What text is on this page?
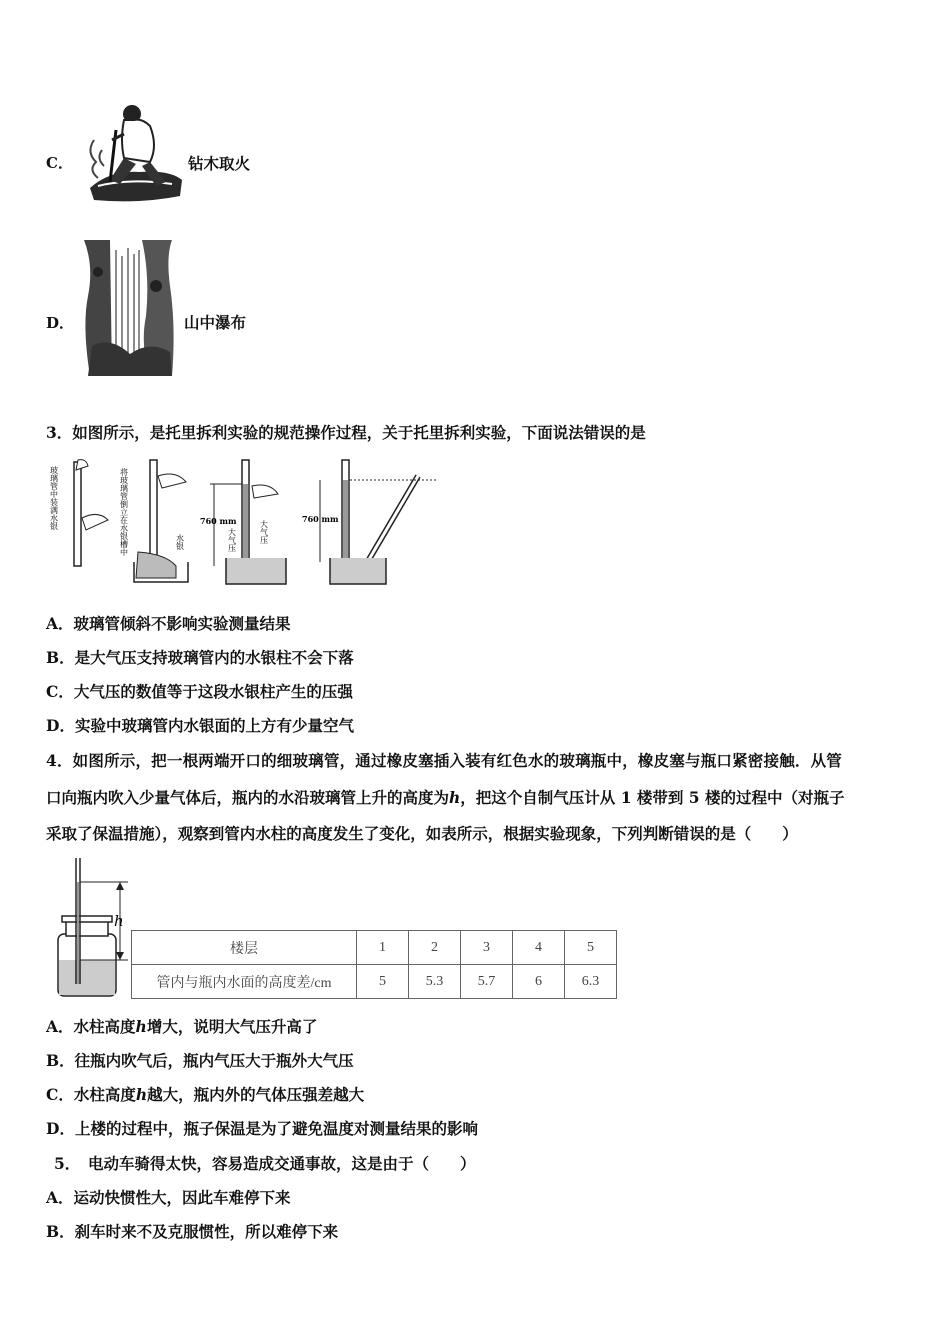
C．	钻木取火
D．	山中瀑布
3．如图所示，是托里拆利实验的规范操作过程，关于托里拆利实验，下面说法错误的是
玻璃管中装满水银	将玻璃管倒立在水银槽中	水银
760 mm
大气压	大气压
760 mm
A．玻璃管倾斜不影响实验测量结果
B．是大气压支持玻璃管内的水银柱不会下落
C．大气压的数值等于这段水银柱产生的压强
D．实验中玻璃管内水银面的上方有少量空气
4．如图所示，把一根两端开口的细玻璃管，通过橡皮塞插入装有红色水的玻璃瓶中，橡皮塞与瓶口紧密接触．从管
口向瓶内吹入少量气体后，瓶内的水沿玻璃管上升的高度为h，把这个自制气压计从 1 楼带到 5 楼的过程中（对瓶子
采取了保温措施），观察到管内水柱的高度发生了变化，如表所示，根据实验现象，下列判断错误的是（　　）
h
楼层	1	2	3	4	5
管内与瓶内水面的高度差/cm	5	5.3	5.7	6	6.3
A．水柱高度h增大，说明大气压升高了
B．往瓶内吹气后，瓶内气压大于瓶外大气压
C．水柱高度h越大，瓶内外的气体压强差越大
D．上楼的过程中，瓶子保温是为了避免温度对测量结果的影响
5．　电动车骑得太快，容易造成交通事故，这是由于（　　）
A．运动快惯性大，因此车难停下来
B．刹车时来不及克服惯性，所以难停下来
